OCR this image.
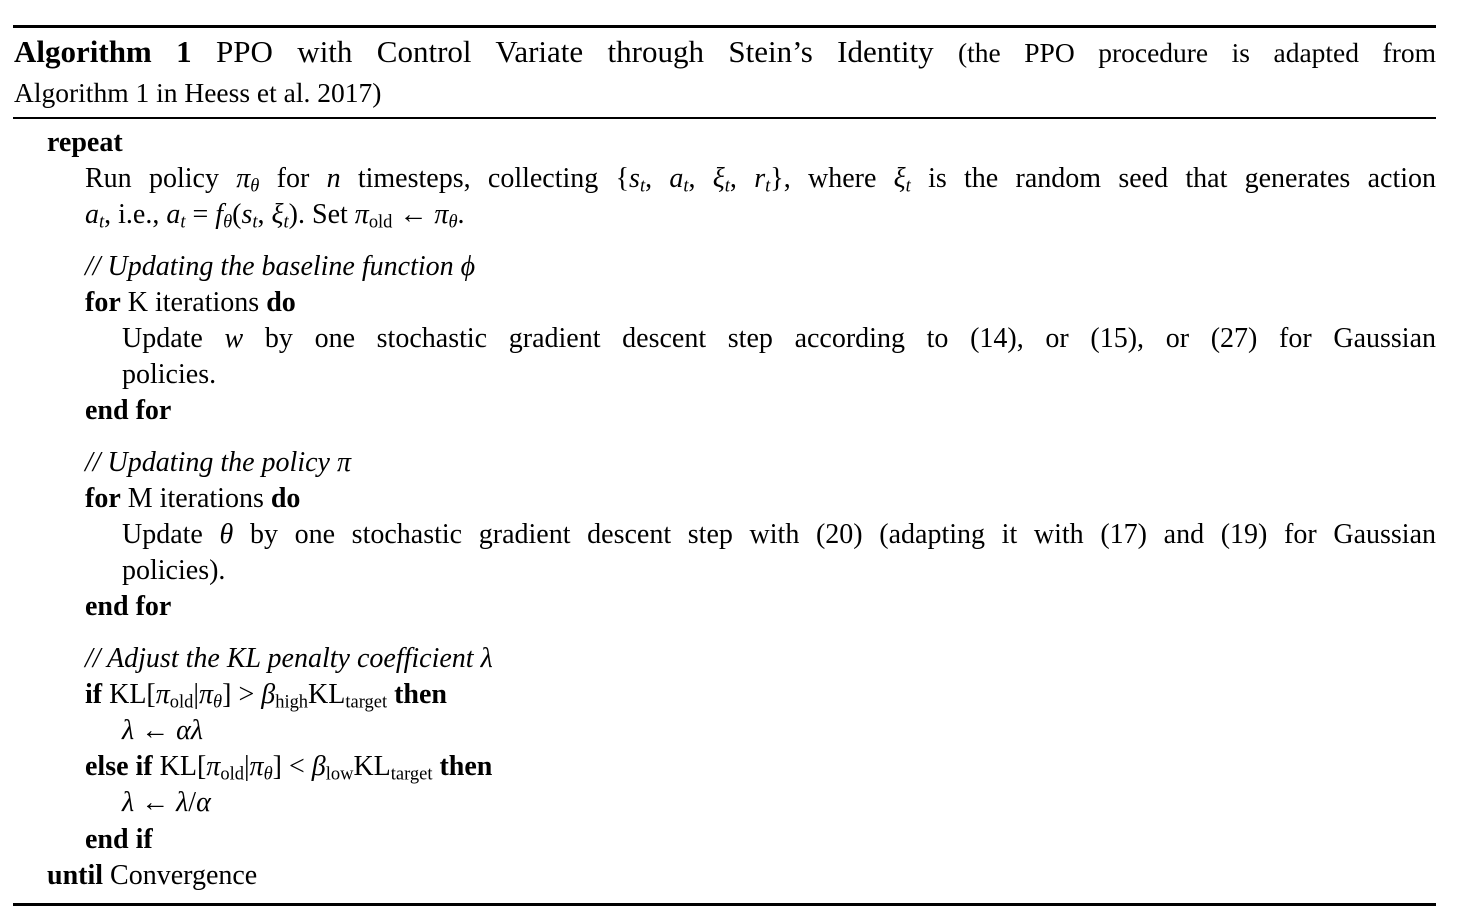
Algorithm 1 PPO with Control Variate through Stein’s Identity (the PPO procedure is adapted from
Algorithm 1 in Heess et al. 2017)
repeat
Run policy πθ for n timesteps, collecting {st, at, ξt, rt}, where ξt is the random seed that generates action
at, i.e., at = fθ(st, ξt). Set πold ← πθ.
// Updating the baseline function ϕ
for K iterations do
Update w by one stochastic gradient descent step according to (14), or (15), or (27) for Gaussian
policies.
end for
// Updating the policy π
for M iterations do
Update θ by one stochastic gradient descent step with (20) (adapting it with (17) and (19) for Gaussian
policies).
end for
// Adjust the KL penalty coefficient λ
if KL[πold|πθ] > βhighKLtarget then
λ ← αλ
else if KL[πold|πθ] < βlowKLtarget then
λ ← λ/α
end if
until Convergence
